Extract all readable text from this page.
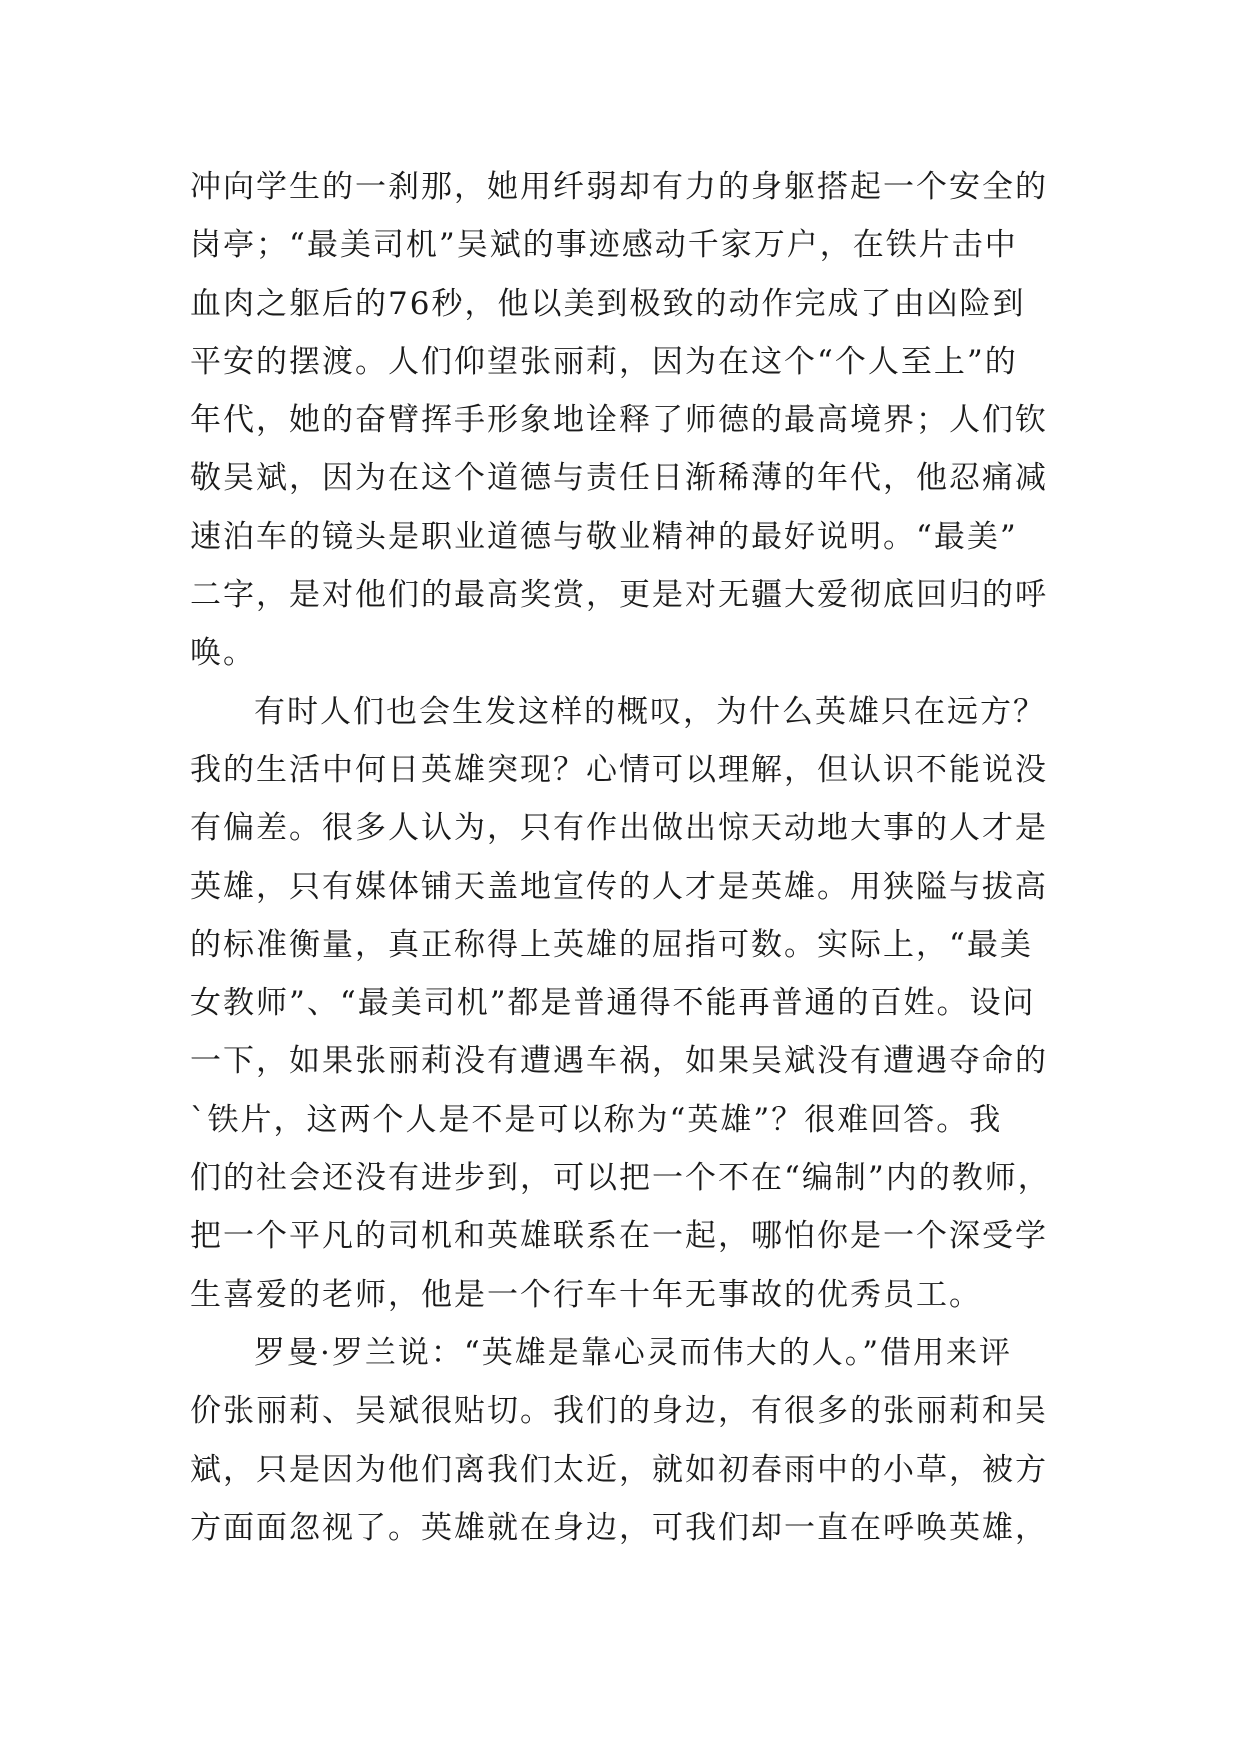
冲向学生的一刹那，她用纤弱却有力的身躯搭起一个安全的
岗亭；“最美司机”吴斌的事迹感动千家万户，在铁片击中
血肉之躯后的76秒，他以美到极致的动作完成了由凶险到
平安的摆渡。人们仰望张丽莉，因为在这个“个人至上”的
年代，她的奋臂挥手形象地诠释了师德的最高境界；人们钦
敬吴斌，因为在这个道德与责任日渐稀薄的年代，他忍痛减
速泊车的镜头是职业道德与敬业精神的最好说明。“最美”
二字，是对他们的最高奖赏，更是对无疆大爱彻底回归的呼
唤。
有时人们也会生发这样的概叹，为什么英雄只在远方？
我的生活中何日英雄突现？心情可以理解，但认识不能说没
有偏差。很多人认为，只有作出做出惊天动地大事的人才是
英雄，只有媒体铺天盖地宣传的人才是英雄。用狭隘与拔高
的标准衡量，真正称得上英雄的屈指可数。实际上，“最美
女教师”、“最美司机”都是普通得不能再普通的百姓。设问
一下，如果张丽莉没有遭遇车祸，如果吴斌没有遭遇夺命的
`铁片，这两个人是不是可以称为“英雄”？很难回答。我
们的社会还没有进步到，可以把一个不在“编制”内的教师，
把一个平凡的司机和英雄联系在一起，哪怕你是一个深受学
生喜爱的老师，他是一个行车十年无事故的优秀员工。
罗曼·罗兰说：“英雄是靠心灵而伟大的人。”借用来评
价张丽莉、吴斌很贴切。我们的身边，有很多的张丽莉和吴
斌，只是因为他们离我们太近，就如初春雨中的小草，被方
方面面忽视了。英雄就在身边，可我们却一直在呼唤英雄，
